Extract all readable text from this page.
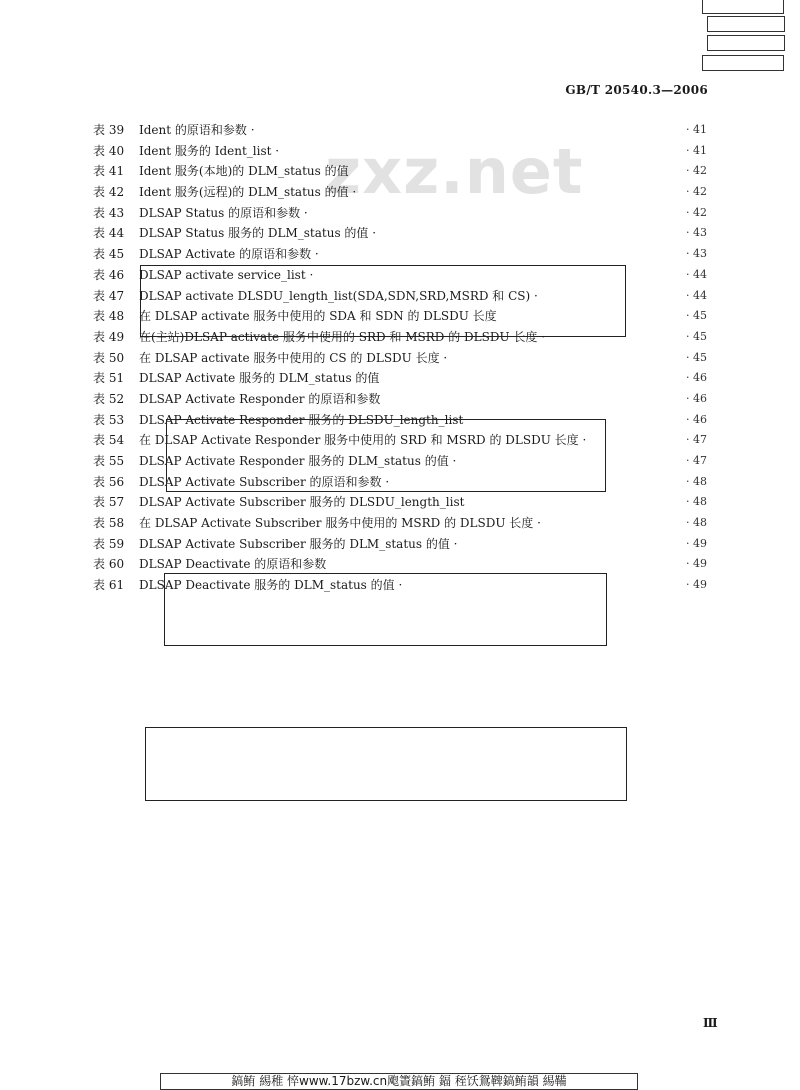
GB/T 20540.3—2006
zxz.net
表 39	Ident 的原语和参数 ·	· 41
表 40	Ident 服务的 Ident_list ·	· 41
表 41	Ident 服务(本地)的 DLM_status 的值	· 42
表 42	Ident 服务(远程)的 DLM_status 的值 ·	· 42
表 43	DLSAP Status 的原语和参数 ·	· 42
表 44	DLSAP Status 服务的 DLM_status 的值 ·	· 43
表 45	DLSAP Activate 的原语和参数 ·	· 43
表 46	DLSAP activate service_list ·	· 44
表 47	DLSAP activate DLSDU_length_list(SDA,SDN,SRD,MSRD 和 CS) ·	· 44
表 48	在 DLSAP activate 服务中使用的 SDA 和 SDN 的 DLSDU 长度	· 45
表 49	在(主站)DLSAP activate 服务中使用的 SRD 和 MSRD 的 DLSDU 长度 ·	· 45
表 50	在 DLSAP activate 服务中使用的 CS 的 DLSDU 长度 ·	· 45
表 51	DLSAP Activate 服务的 DLM_status 的值	· 46
表 52	DLSAP Activate Responder 的原语和参数	· 46
表 53	DLSAP Activate Responder 服务的 DLSDU_length_list	· 46
表 54	在 DLSAP Activate Responder 服务中使用的 SRD 和 MSRD 的 DLSDU 长度 ·	· 47
表 55	DLSAP Activate Responder 服务的 DLM_status 的值 ·	· 47
表 56	DLSAP Activate Subscriber 的原语和参数 ·	· 48
表 57	DLSAP Activate Subscriber 服务的 DLSDU_length_list	· 48
表 58	在 DLSAP Activate Subscriber 服务中使用的 MSRD 的 DLSDU 长度 ·	· 48
表 59	DLSAP Activate Subscriber 服务的 DLM_status 的值 ·	· 49
表 60	DLSAP Deactivate 的原语和参数	· 49
表 61	DLSAP Deactivate 服务的 DLM_status 的值 ·	· 49
Ⅲ
鎬鲔 緆稚 悴www.17bzw.cn飑簀鎬鲔 鍢 秷饫鴛鞞鎬鲔韻 緆鞴
